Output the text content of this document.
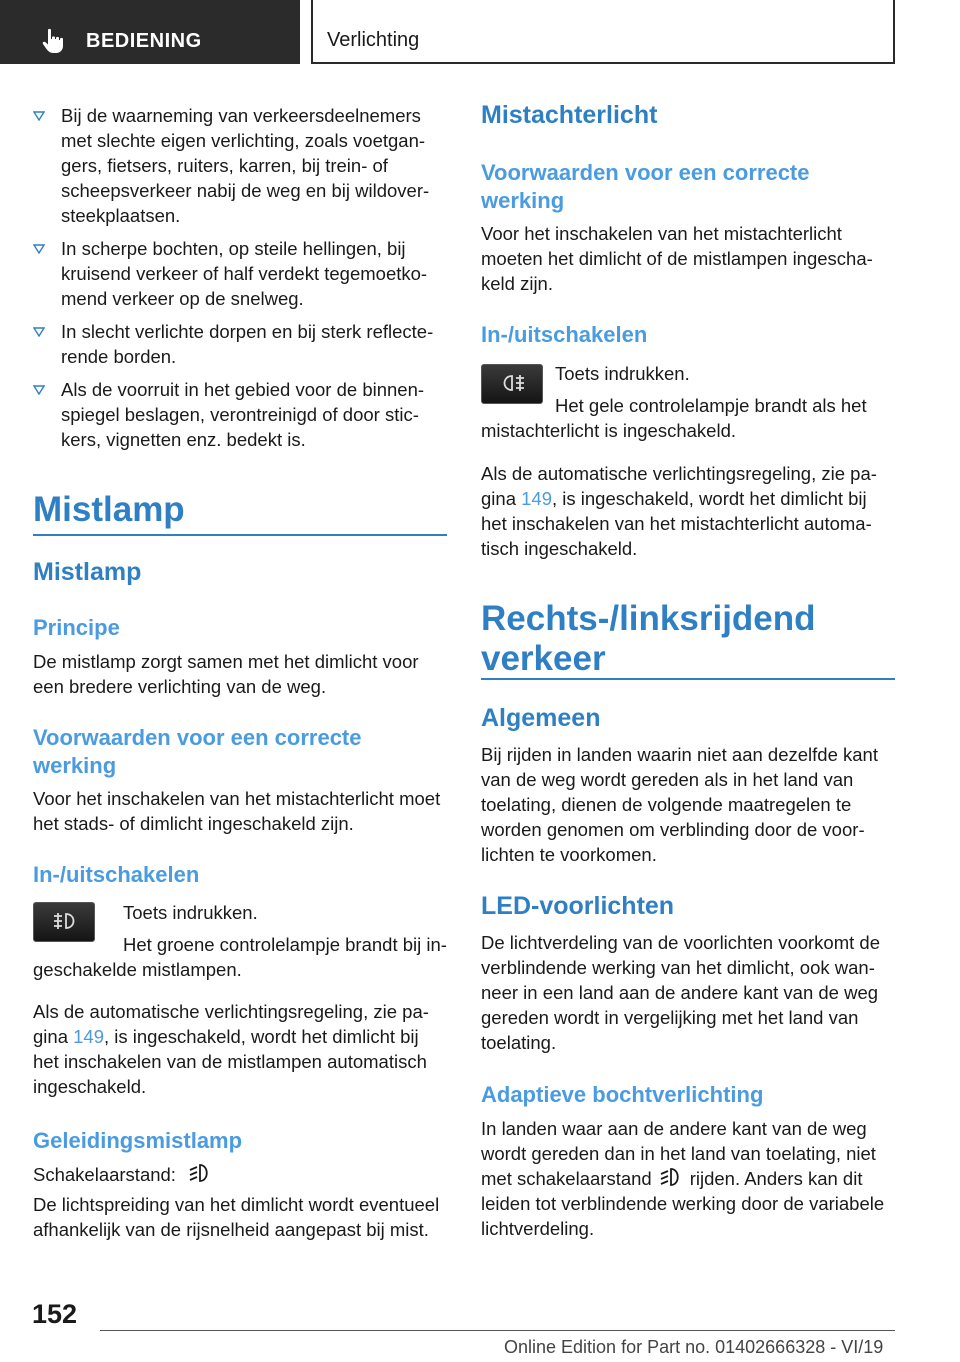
BEDIENING	Verlichting
Bij de waarneming van verkeersdeelnemers met slechte eigen verlichting, zoals voetgangers, fietsers, ruiters, karren, bij trein- of scheepsverkeer nabij de weg en bij wildoversteekplaatsen.
In scherpe bochten, op steile hellingen, bij kruisend verkeer of half verdekt tegemoetkomend verkeer op de snelweg.
In slecht verlichte dorpen en bij sterk reflecterende borden.
Als de voorruit in het gebied voor de binnenspiegel beslagen, verontreinigd of door stickers, vignetten enz. bedekt is.
Mistlamp
Mistlamp
Principe
De mistlamp zorgt samen met het dimlicht voor een bredere verlichting van de weg.
Voorwaarden voor een correcte werking
Voor het inschakelen van het mistachterlicht moet het stads- of dimlicht ingeschakeld zijn.
In-/uitschakelen
Toets indrukken.
Het groene controlelampje brandt bij ingeschakelde mistlampen.
Als de automatische verlichtingsregeling, zie pagina 149, is ingeschakeld, wordt het dimlicht bij het inschakelen van de mistlampen automatisch ingeschakeld.
Geleidingsmistlamp
Schakelaarstand:
De lichtspreiding van het dimlicht wordt eventueel afhankelijk van de rijsnelheid aangepast bij mist.
Mistachterlicht
Voorwaarden voor een correcte werking
Voor het inschakelen van het mistachterlicht moeten het dimlicht of de mistlampen ingeschakeld zijn.
In-/uitschakelen
Toets indrukken.
Het gele controlelampje brandt als het mistachterlicht is ingeschakeld.
Als de automatische verlichtingsregeling, zie pagina 149, is ingeschakeld, wordt het dimlicht bij het inschakelen van het mistachterlicht automatisch ingeschakeld.
Rechts-/linksrijdend verkeer
Algemeen
Bij rijden in landen waarin niet aan dezelfde kant van de weg wordt gereden als in het land van toelating, dienen de volgende maatregelen te worden genomen om verblinding door de voorlichten te voorkomen.
LED-voorlichten
De lichtverdeling van de voorlichten voorkomt de verblindende werking van het dimlicht, ook wanneer in een land aan de andere kant van de weg gereden wordt in vergelijking met het land van toelating.
Adaptieve bochtverlichting
In landen waar aan de andere kant van de weg wordt gereden dan in het land van toelating, niet met schakelaarstand rijden. Anders kan dit leiden tot verblindende werking door de variabele lichtverdeling.
152
Online Edition for Part no. 01402666328 - VI/19
